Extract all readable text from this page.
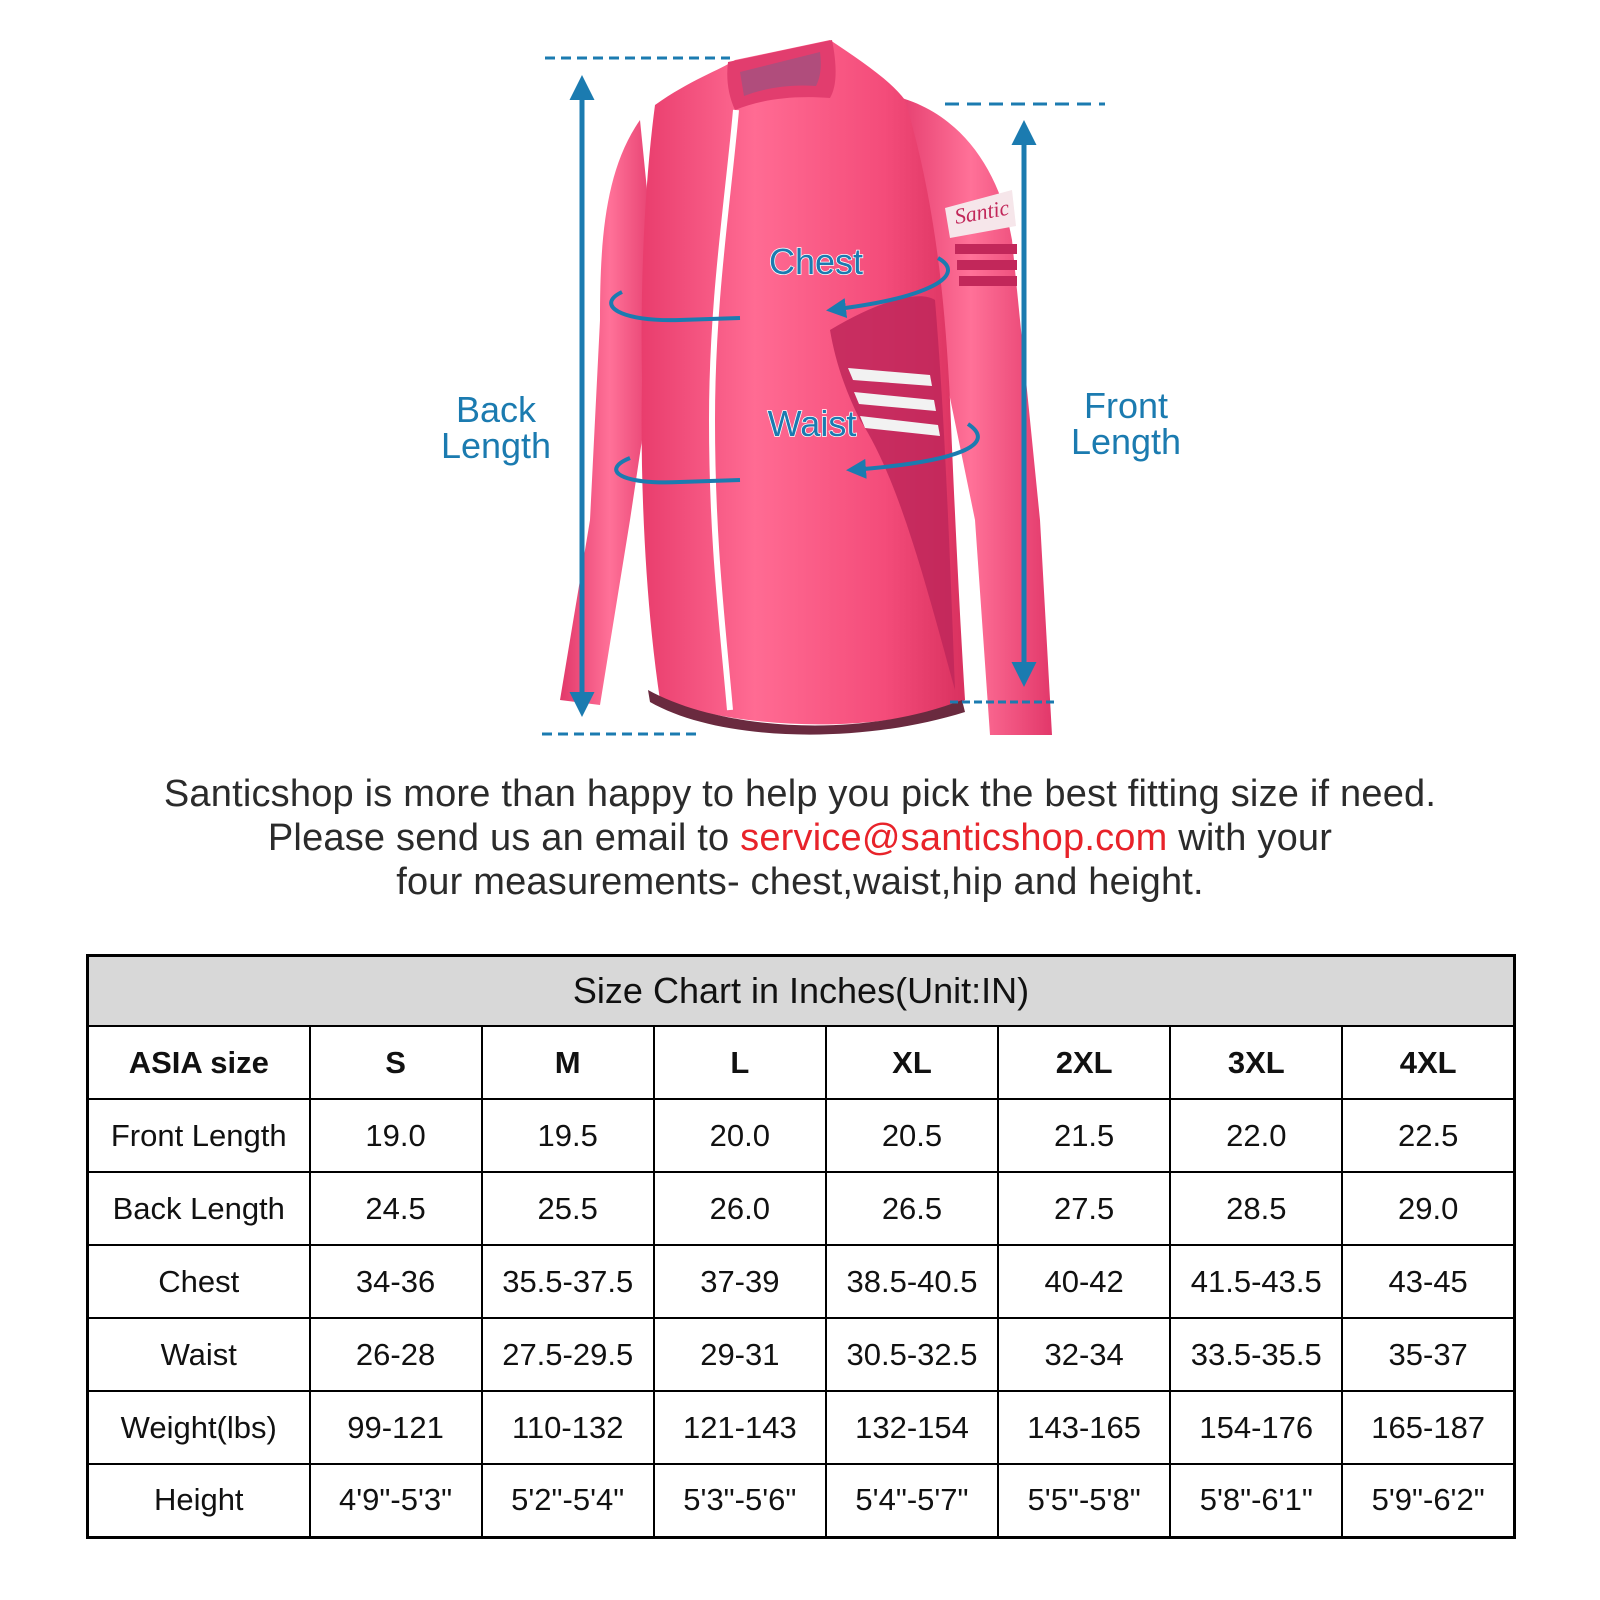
Santic
Back
Length
Front
Length
Chest
Waist
Santicshop is more than happy to help you pick the best fitting size if need.
Please send us an email to service@santicshop.com with your
four measurements- chest,waist,hip and height.
Size Chart in Inches(Unit:IN)							
ASIA size	S	M	L	XL	2XL	3XL	4XL
Front Length	19.0	19.5	20.0	20.5	21.5	22.0	22.5
Back Length	24.5	25.5	26.0	26.5	27.5	28.5	29.0
Chest	34-36	35.5-37.5	37-39	38.5-40.5	40-42	41.5-43.5	43-45
Waist	26-28	27.5-29.5	29-31	30.5-32.5	32-34	33.5-35.5	35-37
Weight(lbs)	99-121	110-132	121-143	132-154	143-165	154-176	165-187
Height	4'9"-5'3"	5'2"-5'4"	5'3"-5'6"	5'4"-5'7"	5'5"-5'8"	5'8"-6'1"	5'9"-6'2"
